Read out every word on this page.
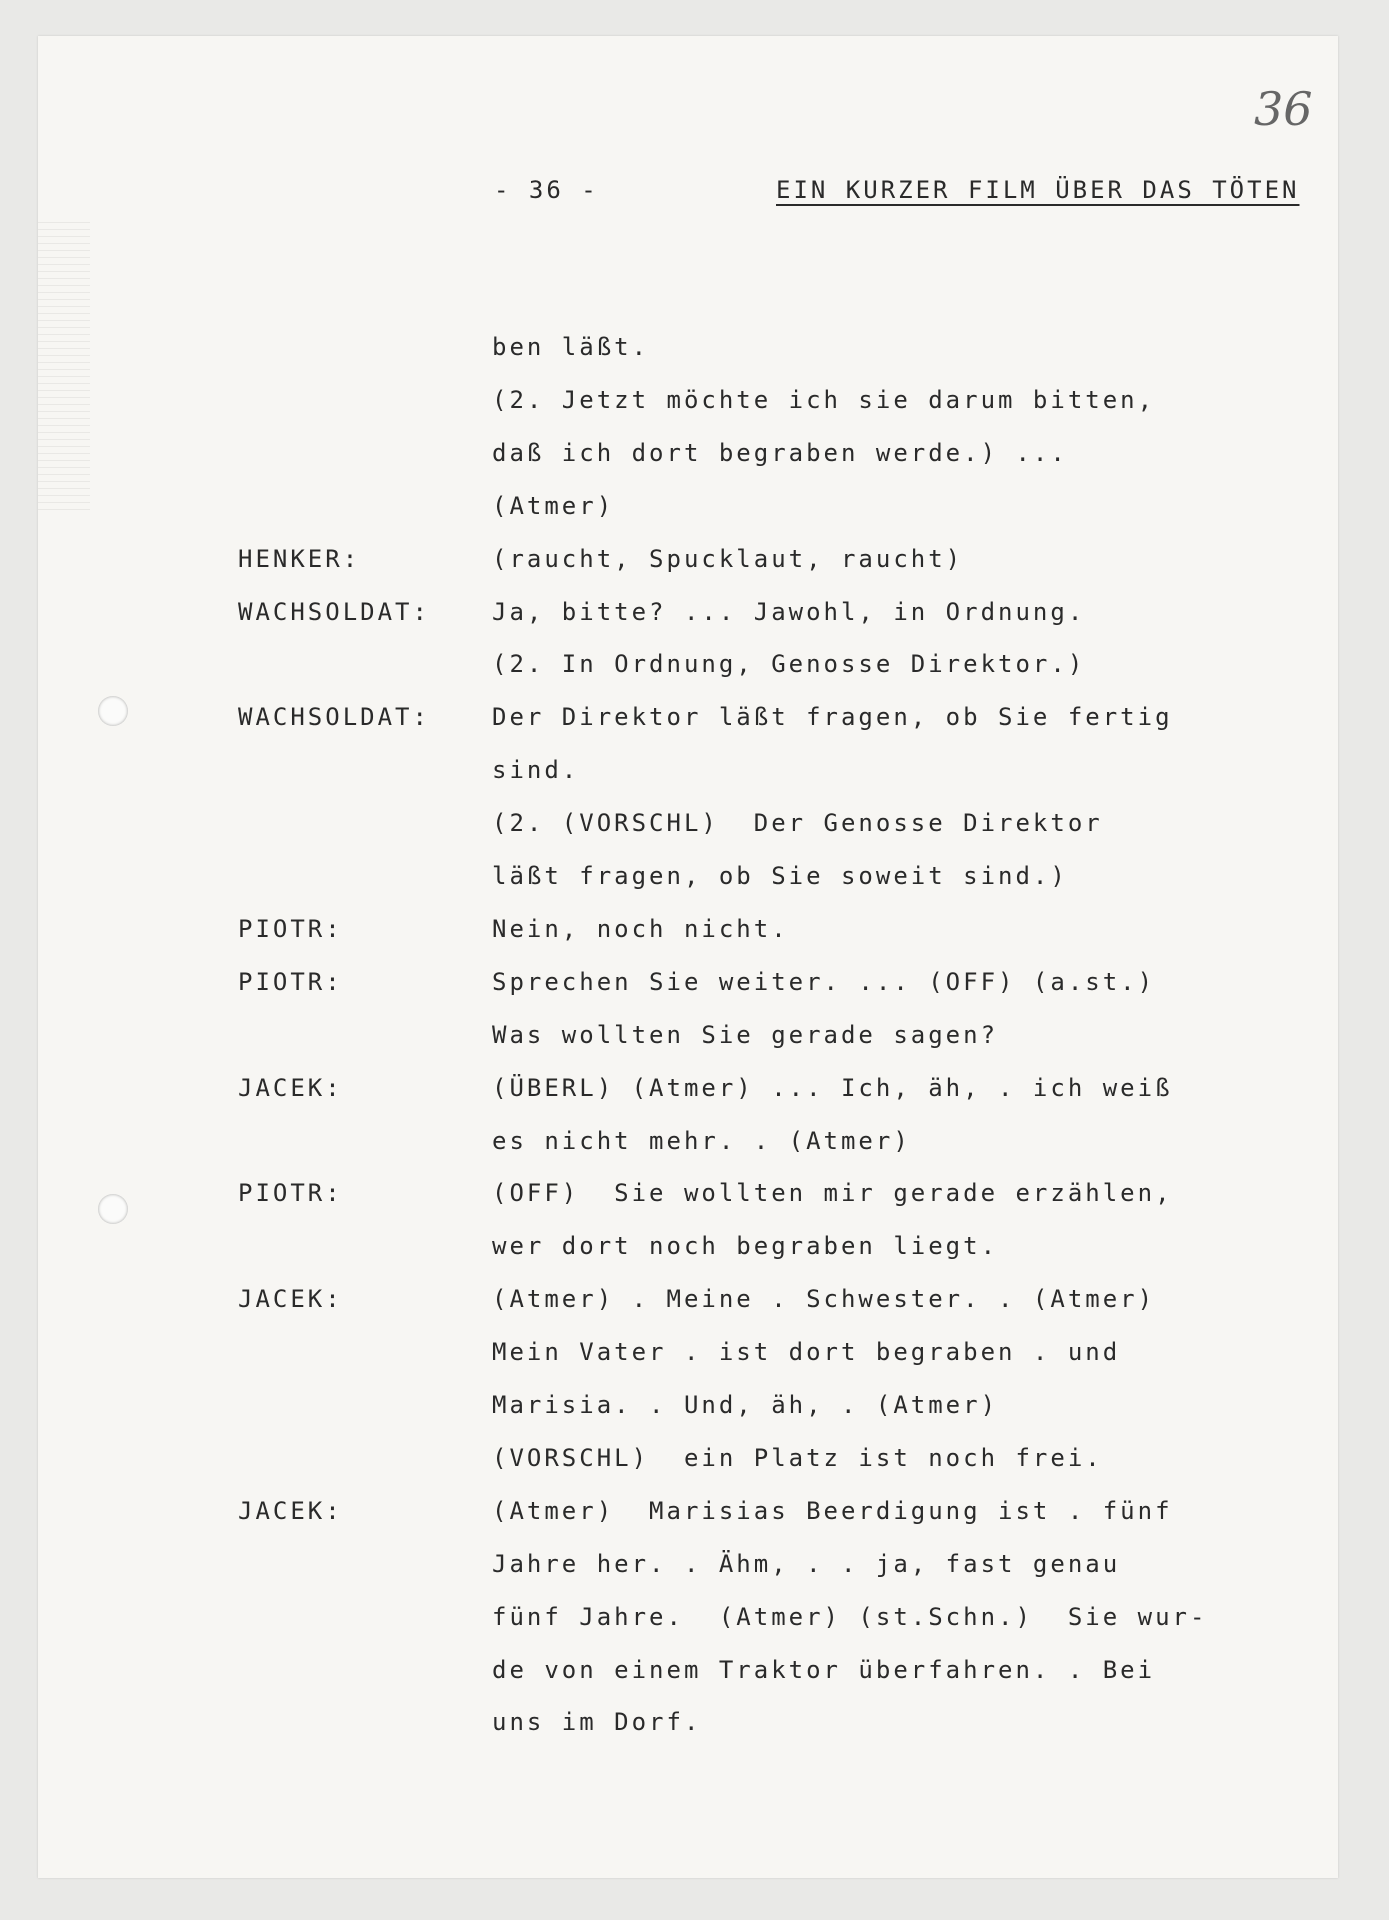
36
- 36 -	EIN KURZER FILM ÜBER DAS TÖTEN
ben läßt.
(2. Jetzt möchte ich sie darum bitten,
daß ich dort begraben werde.) ...
(Atmer)
HENKER:	(raucht, Spucklaut, raucht)
WACHSOLDAT:	Ja, bitte? ... Jawohl, in Ordnung.
(2. In Ordnung, Genosse Direktor.)
WACHSOLDAT:	Der Direktor läßt fragen, ob Sie fertig
sind.
(2. (VORSCHL)  Der Genosse Direktor
läßt fragen, ob Sie soweit sind.)
PIOTR:	Nein, noch nicht.
PIOTR:	Sprechen Sie weiter. ... (OFF) (a.st.)
Was wollten Sie gerade sagen?
JACEK:	(ÜBERL) (Atmer) ... Ich, äh, . ich weiß
es nicht mehr. . (Atmer)
PIOTR:	(OFF)  Sie wollten mir gerade erzählen,
wer dort noch begraben liegt.
JACEK:	(Atmer) . Meine . Schwester. . (Atmer)
Mein Vater . ist dort begraben . und
Marisia. . Und, äh, . (Atmer)
(VORSCHL)  ein Platz ist noch frei.
JACEK:	(Atmer)  Marisias Beerdigung ist . fünf
Jahre her. . Ähm, . . ja, fast genau
fünf Jahre.  (Atmer) (st.Schn.)  Sie wur-
de von einem Traktor überfahren. . Bei
uns im Dorf.
